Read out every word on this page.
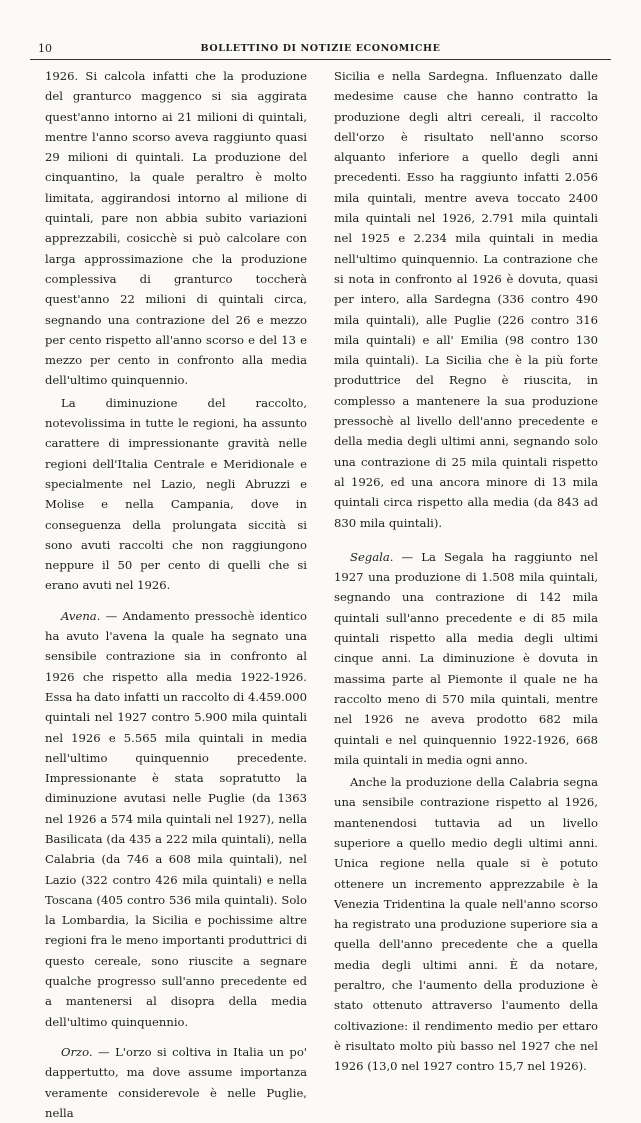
10	BOLLETTINO DI NOTIZIE ECONOMICHE

1926. Si calcola infatti che la produzione del granturco maggenco si sia aggirata quest'anno intorno ai 21 milioni di quintali, mentre l'anno scorso aveva raggiunto quasi 29 milioni di quintali. La produzione del cinquantino, la quale peraltro è molto limitata, aggirandosi intorno al milione di quintali, pare non abbia subito variazioni apprezzabili, cosicchè si può calcolare con larga approssimazione che la produzione complessiva di granturco toccherà quest'anno 22 milioni di quintali circa, segnando una contrazione del 26 e mezzo per cento rispetto all'anno scorso e del 13 e mezzo per cento in confronto alla media dell'ultimo quinquennio.

La diminuzione del raccolto, notevolissima in tutte le regioni, ha assunto carattere di impressionante gravità nelle regioni dell'Italia Centrale e Meridionale e specialmente nel Lazio, negli Abruzzi e Molise e nella Campania, dove in conseguenza della prolungata siccità si sono avuti raccolti che non raggiungono neppure il 50 per cento di quelli che si erano avuti nel 1926.

Avena. — Andamento pressochè identico ha avuto l'avena la quale ha segnato una sensibile contrazione sia in confronto al 1926 che rispetto alla media 1922-1926. Essa ha dato infatti un raccolto di 4.459.000 quintali nel 1927 contro 5.900 mila quintali nel 1926 e 5.565 mila quintali in media nell'ultimo quinquennio precedente. Impressionante è stata sopratutto la diminuzione avutasi nelle Puglie (da 1363 nel 1926 a 574 mila quintali nel 1927), nella Basilicata (da 435 a 222 mila quintali), nella Calabria (da 746 a 608 mila quintali), nel Lazio (322 contro 426 mila quintali) e nella Toscana (405 contro 536 mila quintali). Solo la Lombardia, la Sicilia e pochissime altre regioni fra le meno importanti produttrici di questo cereale, sono riuscite a segnare qualche progresso sull'anno precedente ed a mantenersi al disopra della media dell'ultimo quinquennio.

Orzo. — L'orzo si coltiva in Italia un po' dappertutto, ma dove assume importanza veramente considerevole è nelle Puglie, nella

Sicilia e nella Sardegna. Influenzato dalle medesime cause che hanno contratto la produzione degli altri cereali, il raccolto dell'orzo è risultato nell'anno scorso alquanto inferiore a quello degli anni precedenti. Esso ha raggiunto infatti 2.056 mila quintali, mentre aveva toccato 2400 mila quintali nel 1926, 2.791 mila quintali nel 1925 e 2.234 mila quintali in media nell'ultimo quinquennio. La contrazione che si nota in confronto al 1926 è dovuta, quasi per intero, alla Sardegna (336 contro 490 mila quintali), alle Puglie (226 contro 316 mila quintali) e all' Emilia (98 contro 130 mila quintali). La Sicilia che è la più forte produttrice del Regno è riuscita, in complesso a mantenere la sua produzione pressochè al livello dell'anno precedente e della media degli ultimi anni, segnando solo una contrazione di 25 mila quintali rispetto al 1926, ed una ancora minore di 13 mila quintali circa rispetto alla media (da 843 ad 830 mila quintali).

Segala. — La Segala ha raggiunto nel 1927 una produzione di 1.508 mila quintali, segnando una contrazione di 142 mila quintali sull'anno precedente e di 85 mila quintali rispetto alla media degli ultimi cinque anni. La diminuzione è dovuta in massima parte al Piemonte il quale ne ha raccolto meno di 570 mila quintali, mentre nel 1926 ne aveva prodotto 682 mila quintali e nel quinquennio 1922-1926, 668 mila quintali in media ogni anno.

Anche la produzione della Calabria segna una sensibile contrazione rispetto al 1926, mantenendosi tuttavia ad un livello superiore a quello medio degli ultimi anni. Unica regione nella quale si è potuto ottenere un incremento apprezzabile è la Venezia Tridentina la quale nell'anno scorso ha registrato una produzione superiore sia a quella dell'anno precedente che a quella media degli ultimi anni. È da notare, peraltro, che l'aumento della produzione è stato ottenuto attraverso l'aumento della coltivazione: il rendimento medio per ettaro è risultato molto più basso nel 1927 che nel 1926 (13,0 nel 1927 contro 15,7 nel 1926).
